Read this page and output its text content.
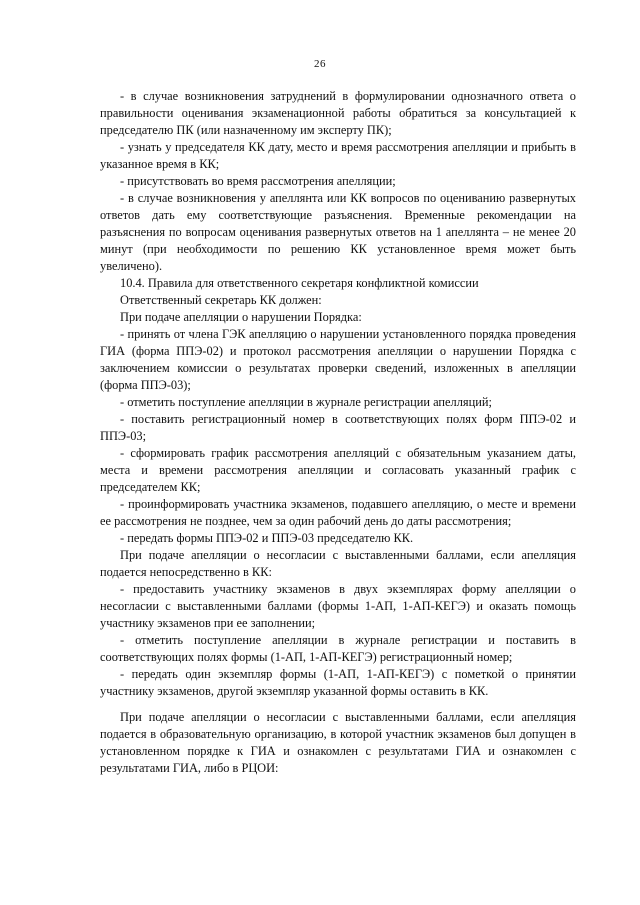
26

- в случае возникновения затруднений в формулировании однозначного ответа о правильности оценивания экзаменационной работы обратиться за консультацией к председателю ПК (или назначенному им эксперту ПК);

- узнать у председателя КК дату, место и время рассмотрения апелляции и прибыть в указанное время в КК;

- присутствовать во время рассмотрения апелляции;

- в случае возникновения у апеллянта или КК вопросов по оцениванию развернутых ответов дать ему соответствующие разъяснения. Временные рекомендации на разъяснения по вопросам оценивания развернутых ответов на 1 апеллянта – не менее 20 минут (при необходимости по решению КК установленное время может быть увеличено).

10.4. Правила для ответственного секретаря конфликтной комиссии

Ответственный секретарь КК должен:

При подаче апелляции о нарушении Порядка:

- принять от члена ГЭК апелляцию о нарушении установленного порядка проведения ГИА (форма ППЭ-02) и протокол рассмотрения апелляции о нарушении Порядка с заключением комиссии о результатах проверки сведений, изложенных в апелляции (форма ППЭ-03);

- отметить поступление апелляции в журнале регистрации апелляций;

- поставить регистрационный номер в соответствующих полях форм ППЭ-02 и ППЭ-03;

- сформировать график рассмотрения апелляций с обязательным указанием даты, места и времени рассмотрения апелляции и согласовать указанный график с председателем КК;

- проинформировать участника экзаменов, подавшего апелляцию, о месте и времени ее рассмотрения не позднее, чем за один рабочий день до даты рассмотрения;

- передать формы ППЭ-02 и ППЭ-03 председателю КК.

При подаче апелляции о несогласии с выставленными баллами, если апелляция подается непосредственно в КК:

- предоставить участнику экзаменов в двух экземплярах форму апелляции о несогласии с выставленными баллами (формы 1-АП, 1-АП-КЕГЭ) и оказать помощь участнику экзаменов при ее заполнении;

- отметить поступление апелляции в журнале регистрации и поставить в соответствующих полях формы (1-АП, 1-АП-КЕГЭ) регистрационный номер;

- передать один экземпляр формы (1-АП, 1-АП-КЕГЭ) с пометкой о принятии участнику экзаменов, другой экземпляр указанной формы оставить в КК.

При подаче апелляции о несогласии с выставленными баллами, если апелляция подается в образовательную организацию, в которой участник экзаменов был допущен в установленном порядке к ГИА и ознакомлен с результатами ГИА и ознакомлен с результатами ГИА, либо в РЦОИ:
